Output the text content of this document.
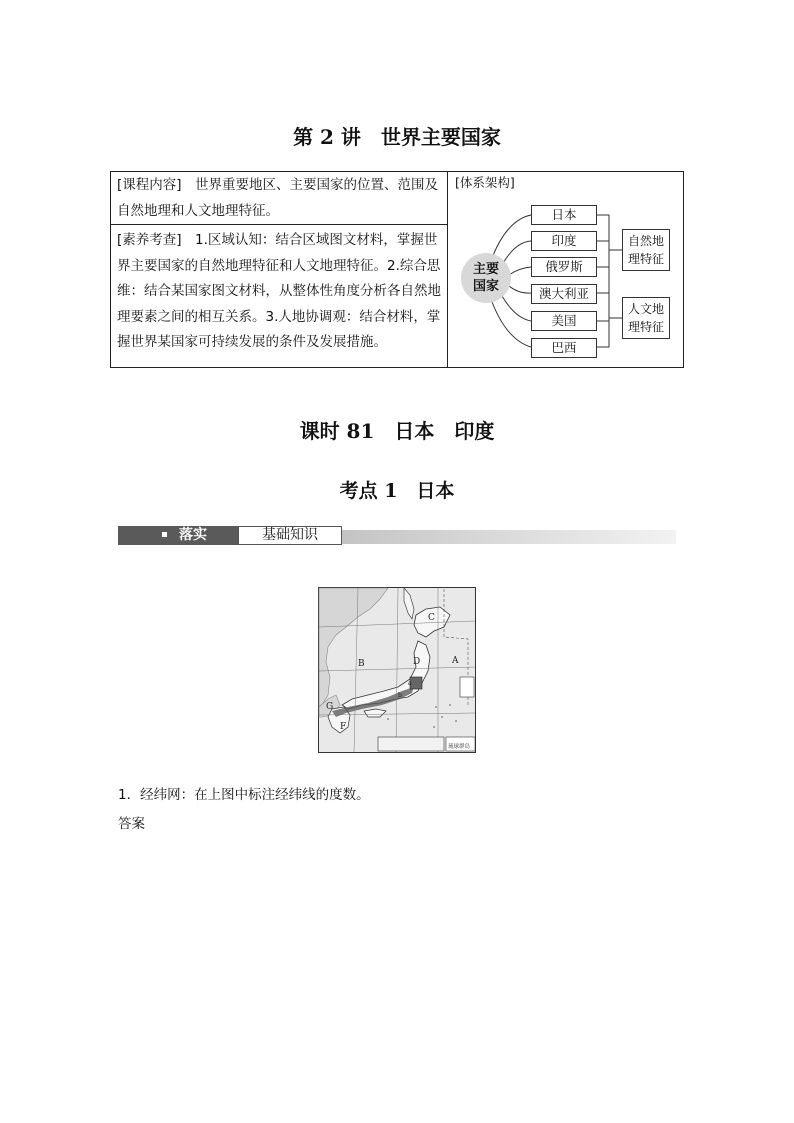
第 2 讲　世界主要国家
[课程内容]　世界重要地区、主要国家的位置、范围及自然地理和人文地理特征。
[素养考查]　1.区域认知：结合区域图文材料，掌握世界主要国家的自然地理特征和人文地理特征。2.综合思维：结合某国家图文材料，从整体性角度分析各自然地理要素之间的相互关系。3.人地协调观：结合材料，掌握世界某国家可持续发展的条件及发展措施。
[体系架构]
主要
国家
日本
印度
俄罗斯
澳大利亚
美国
巴西
自然地
理特征
人文地
理特征
课时 81　日本　印度
考点 1　日本
落实	基础知识
C
A
B	D
F
G
a
b
琉球群岛
1．经纬网：在上图中标注经纬线的度数。
答案
